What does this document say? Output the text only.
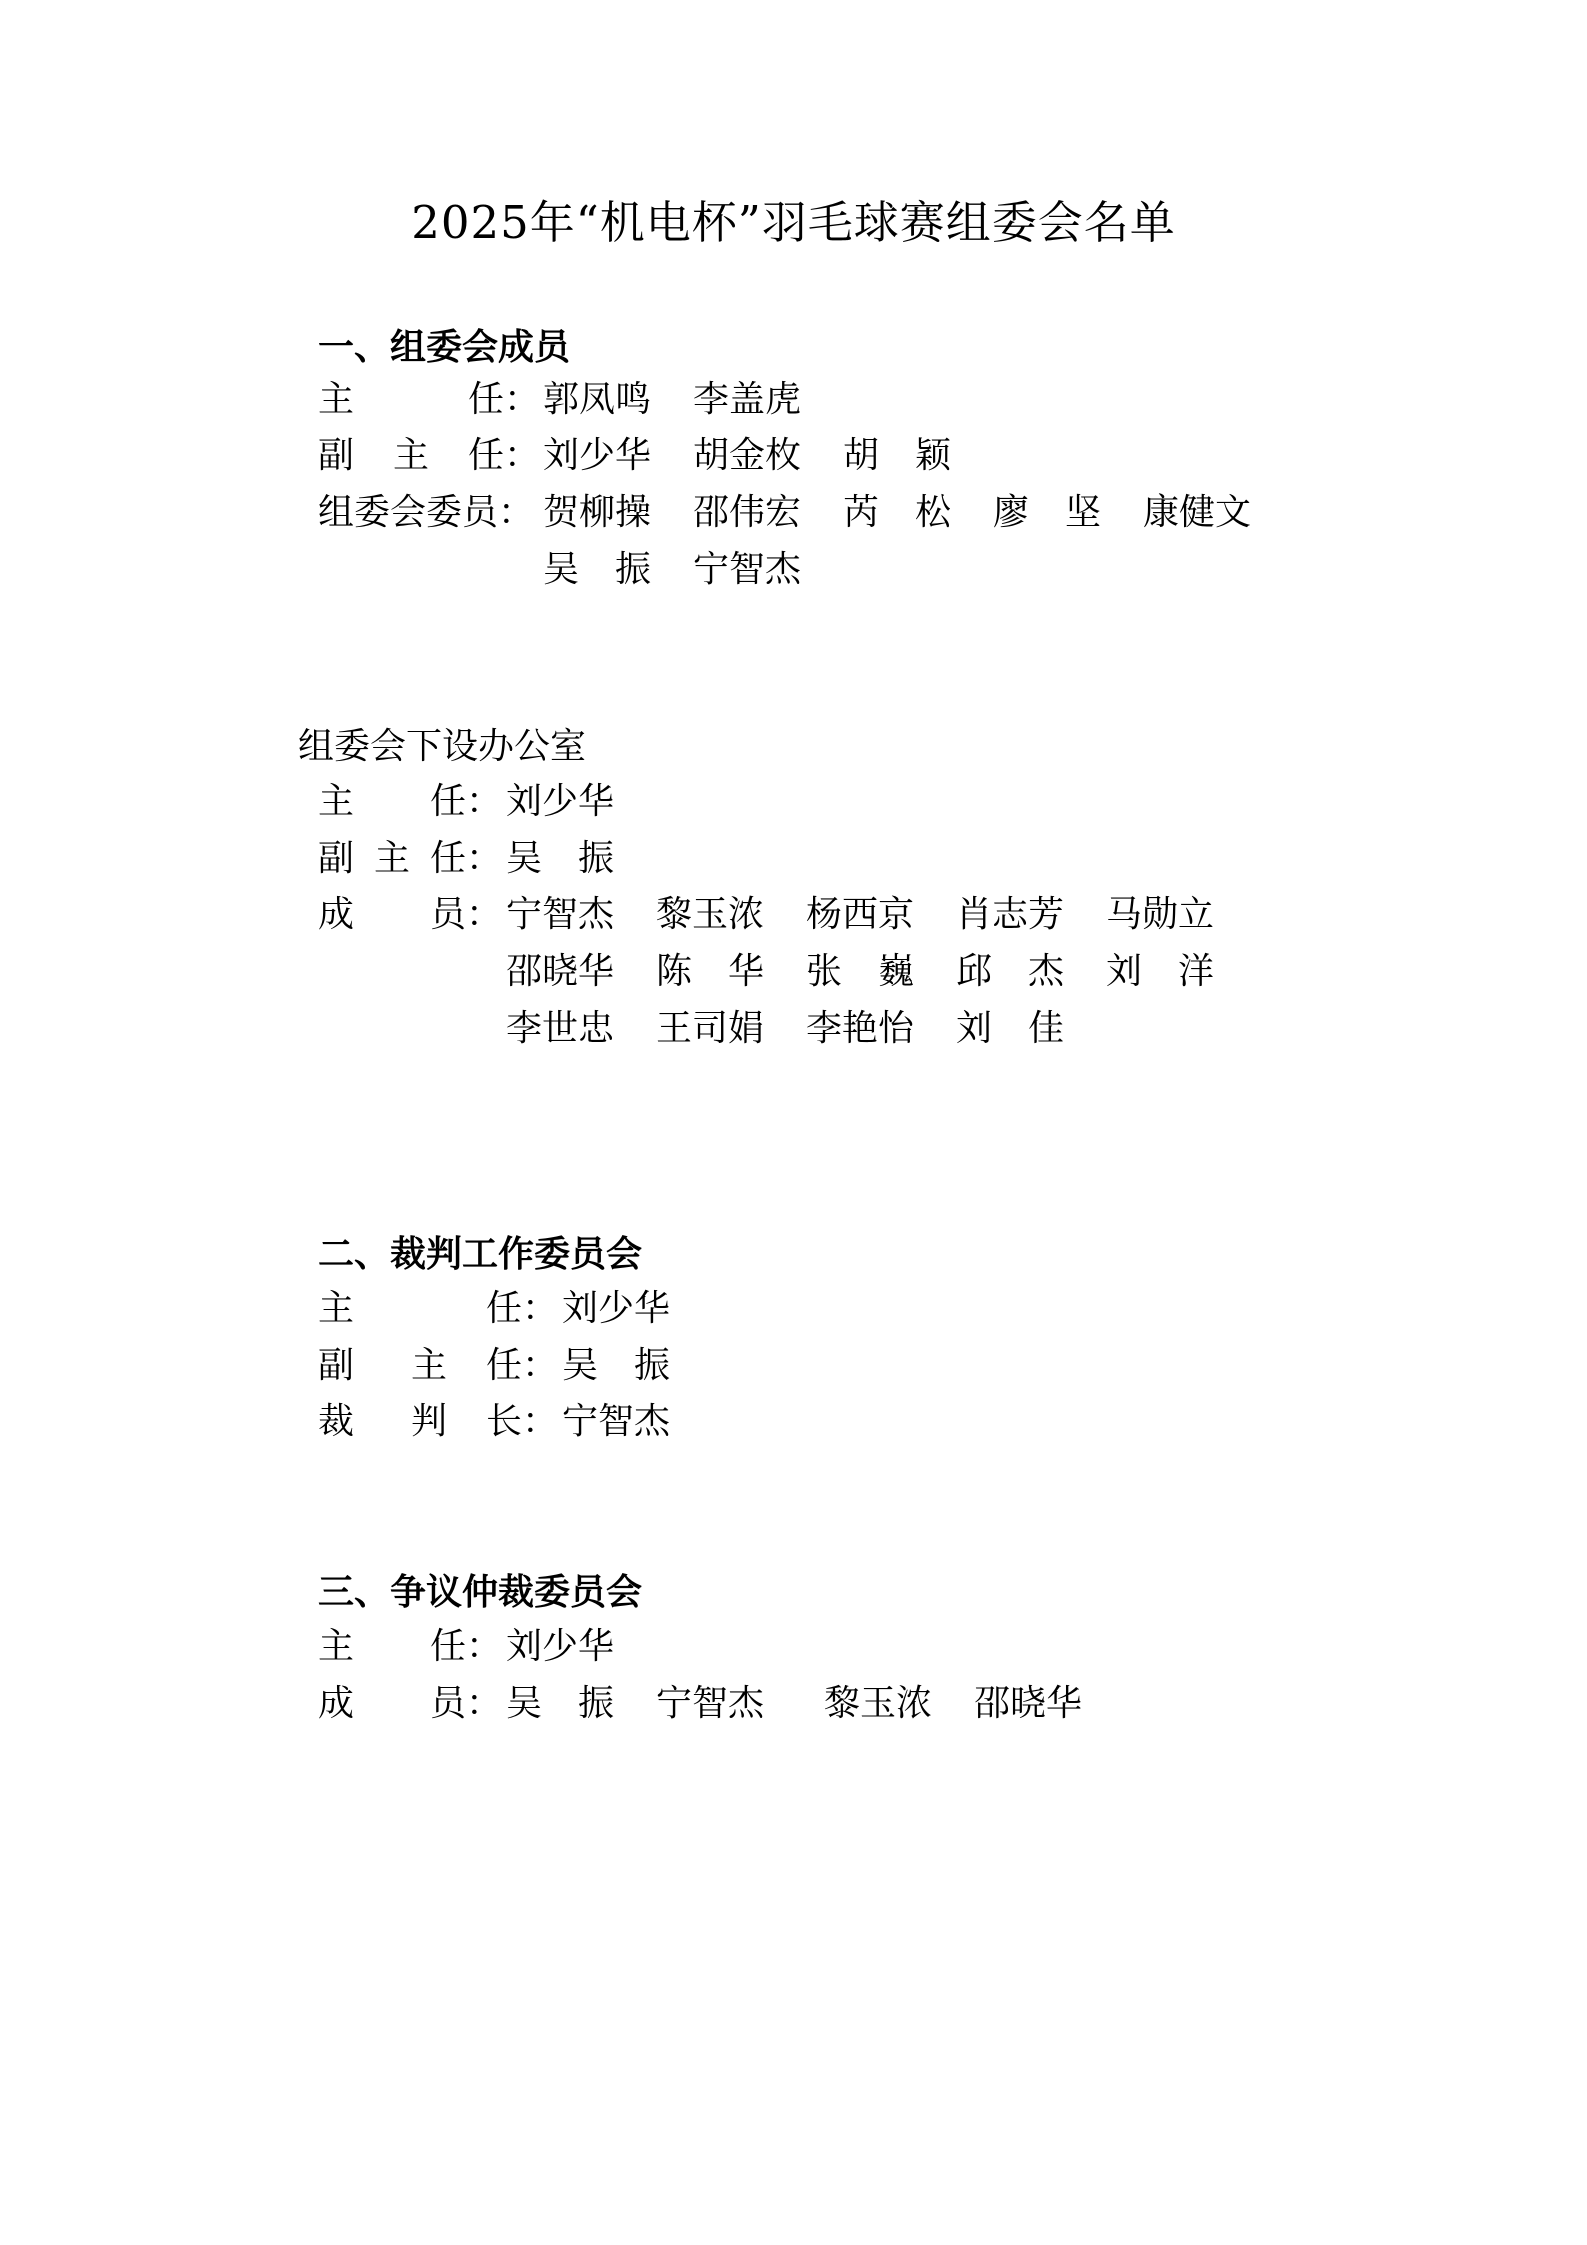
2025年“机电杯”羽毛球赛组委会名单
一、组委会成员

主

	任：

郭凤鸣

李盖虎

副

主

任：

刘少华

胡金枚

胡　颖

组委会委员：

贺柳操

邵伟宏

芮　松

廖　坚

康健文

吴　振

宁智杰

组委会下设办公室

主

任：

刘少华

副

主

任：

吴　振

成

员：

宁智杰

黎玉浓

杨西京

肖志芳

马勋立

邵晓华

陈　华

张　巍

邱　杰

刘　洋

李世忠

王司娟

李艳怡

刘　佳

二、裁判工作委员会

主

	任：

刘少华

副

主

任：

吴　振

裁

判

长：

宁智杰

三、争议仲裁委员会

主

任：

刘少华

成

员：

吴　振

宁智杰

黎玉浓

邵晓华
